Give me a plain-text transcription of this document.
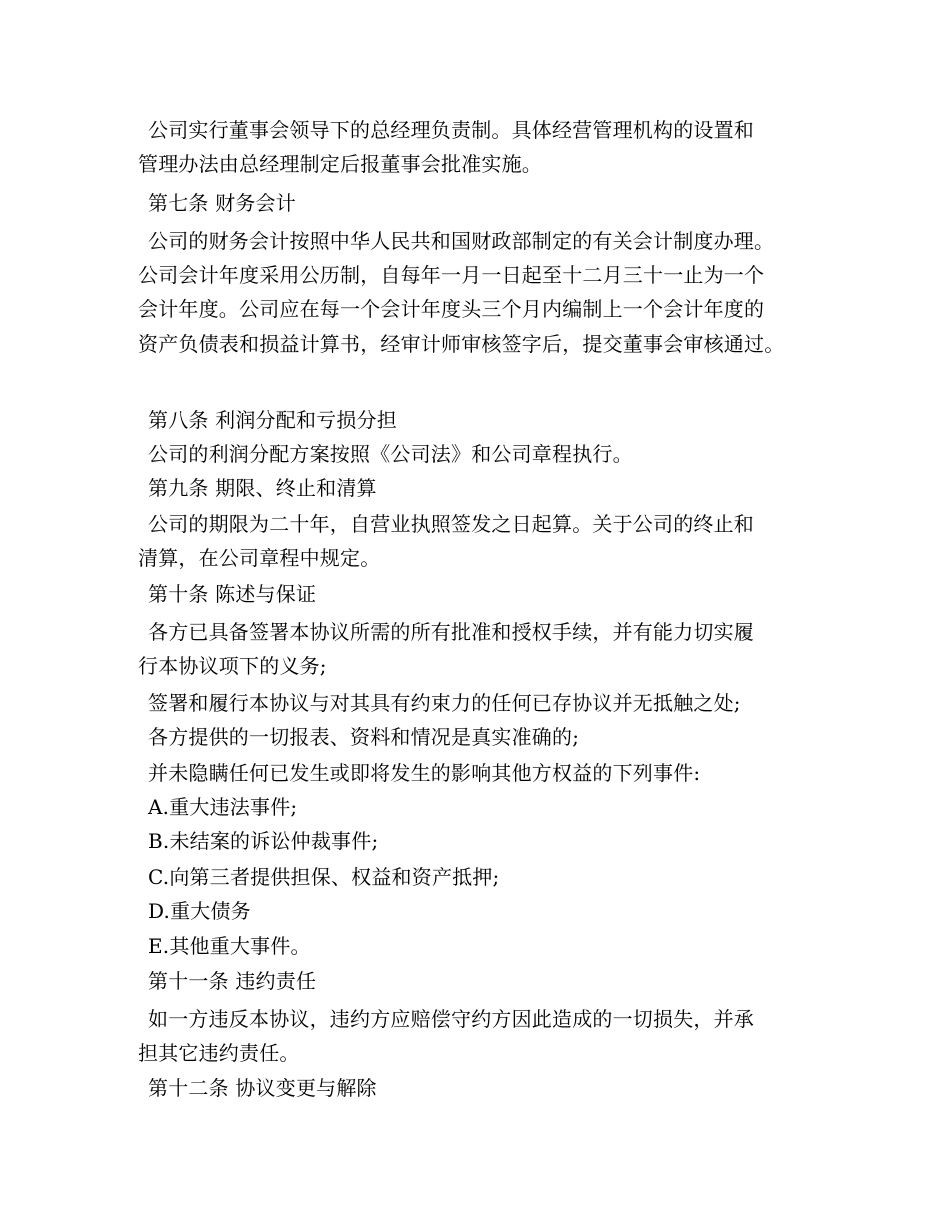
公司实行董事会领导下的总经理负责制。具体经营管理机构的设置和
管理办法由总经理制定后报董事会批准实施。
第七条 财务会计
公司的财务会计按照中华人民共和国财政部制定的有关会计制度办理。
公司会计年度采用公历制，自每年一月一日起至十二月三十一止为一个
会计年度。公司应在每一个会计年度头三个月内编制上一个会计年度的
资产负债表和损益计算书，经审计师审核签字后，提交董事会审核通过。
第八条 利润分配和亏损分担
公司的利润分配方案按照《公司法》和公司章程执行。
第九条 期限、终止和清算
公司的期限为二十年，自营业执照签发之日起算。关于公司的终止和
清算，在公司章程中规定。
第十条 陈述与保证
各方已具备签署本协议所需的所有批准和授权手续，并有能力切实履
行本协议项下的义务;
签署和履行本协议与对其具有约束力的任何已存协议并无抵触之处;
各方提供的一切报表、资料和情况是真实准确的;
并未隐瞒任何已发生或即将发生的影响其他方权益的下列事件:
A.重大违法事件;
B.未结案的诉讼仲裁事件;
C.向第三者提供担保、权益和资产抵押;
D.重大债务
E.其他重大事件。
第十一条 违约责任
如一方违反本协议，违约方应赔偿守约方因此造成的一切损失，并承
担其它违约责任。
第十二条 协议变更与解除
